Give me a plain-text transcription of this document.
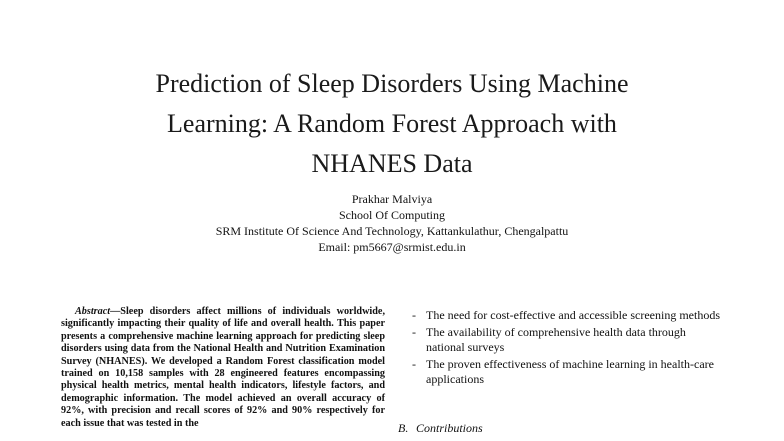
Prediction of Sleep Disorders Using Machine
Learning: A Random Forest Approach with
NHANES Data
Prakhar Malviya
School Of Computing
SRM Institute Of Science And Technology, Kattankulathur, Chengalpattu
Email: pm5667@srmist.edu.in

Abstract—Sleep disorders affect millions of individuals worldwide, significantly impacting their quality of life and overall health. This paper presents a comprehensive machine learning approach for predicting sleep disorders using data from the National Health and Nutrition Examination Survey (NHANES). We developed a Random Forest classification model trained on 10,158 samples with 28 engineered features encompassing physical health metrics, mental health indicators, lifestyle factors, and demographic information. The model achieved an overall accuracy of 92%, with precision and recall scores of 92% and 90% respectively for each issue that was tested in the

- The need for cost-effective and accessible screening methods
- The availability of comprehensive health data through national surveys
- The proven effectiveness of machine learning in health-care applications
B. Contributions
